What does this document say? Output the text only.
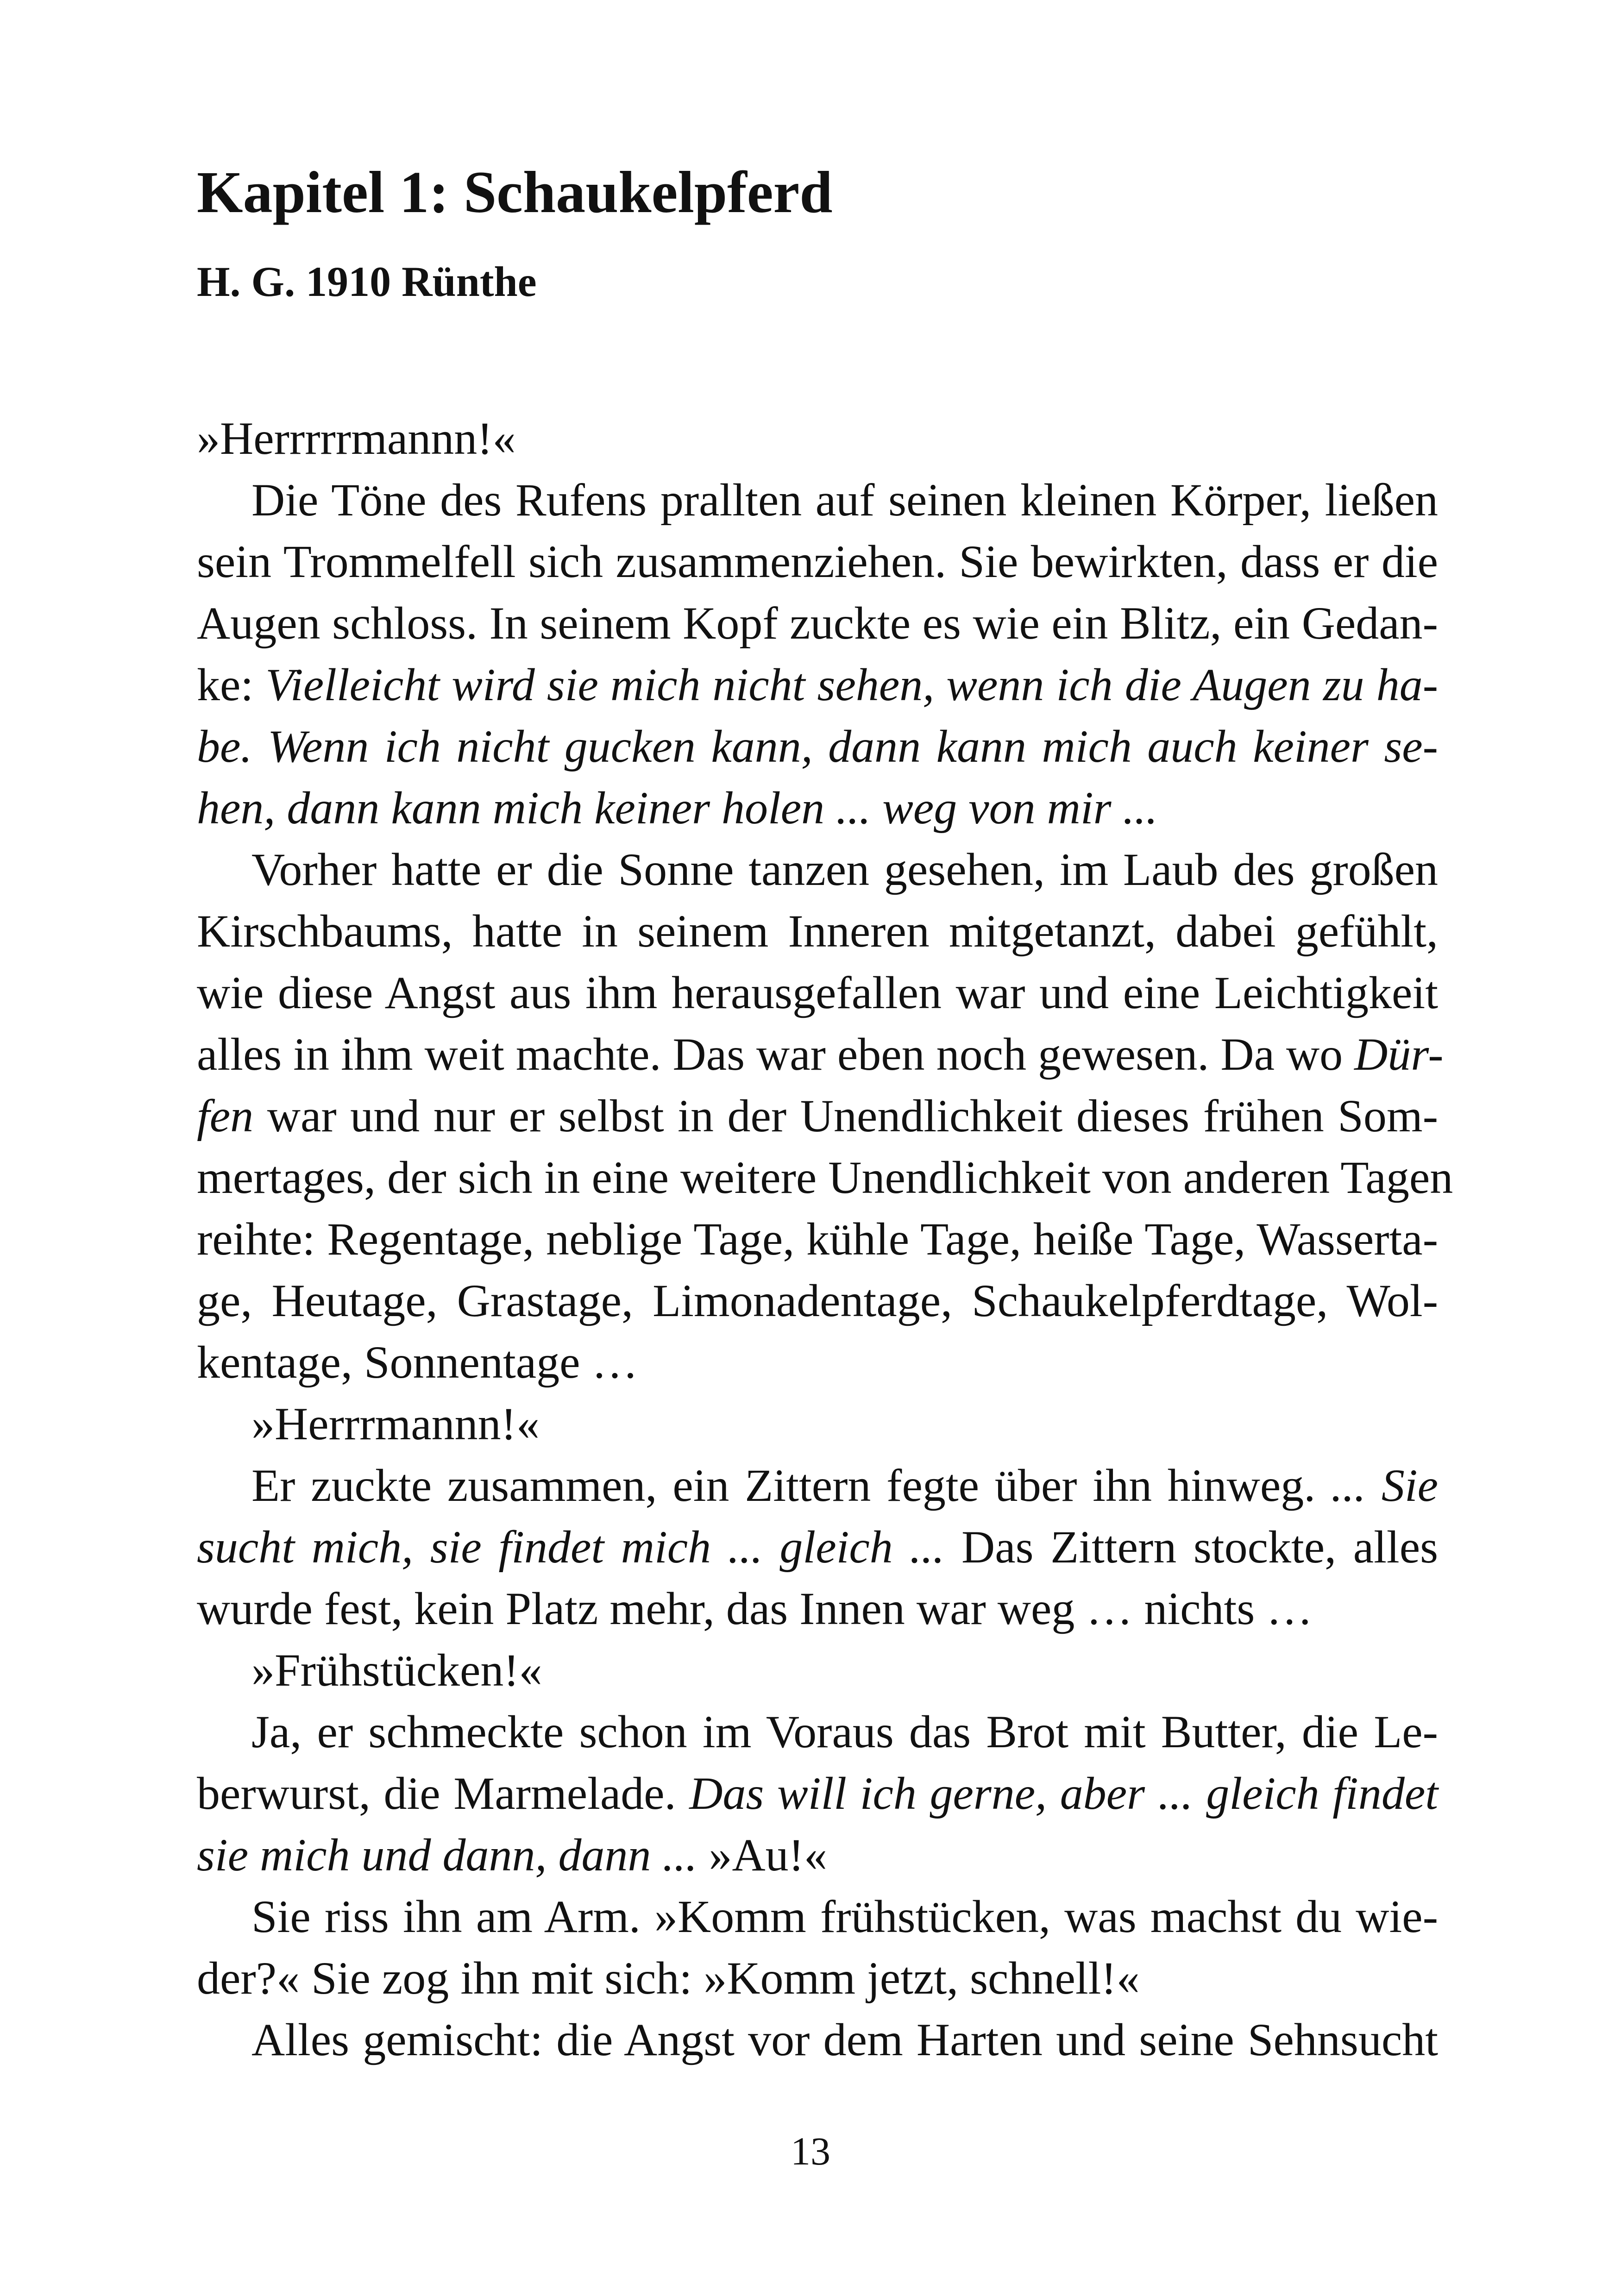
Kapitel 1: Schaukelpferd
H. G. 1910 Rünthe
»Herrrrrmannn!«
Die Töne des Rufens prallten auf seinen kleinen Körper, ließen
sein Trommelfell sich zusammenziehen. Sie bewirkten, dass er die
Augen schloss. In seinem Kopf zuckte es wie ein Blitz, ein Gedan-
ke: Vielleicht wird sie mich nicht sehen, wenn ich die Augen zu ha-
be. Wenn ich nicht gucken kann, dann kann mich auch keiner se-
hen, dann kann mich keiner holen ... weg von mir ...
Vorher hatte er die Sonne tanzen gesehen, im Laub des großen
Kirschbaums, hatte in seinem Inneren mitgetanzt, dabei gefühlt,
wie diese Angst aus ihm herausgefallen war und eine Leichtigkeit
alles in ihm weit machte. Das war eben noch gewesen. Da wo Dür-
fen war und nur er selbst in der Unendlichkeit dieses frühen Som-
mertages, der sich in eine weitere Unendlichkeit von anderen Tagen
reihte: Regentage, neblige Tage, kühle Tage, heiße Tage, Wasserta-
ge, Heutage, Grastage, Limonadentage, Schaukelpferdtage, Wol-
kentage, Sonnentage …
»Herrrmannn!«
Er zuckte zusammen, ein Zittern fegte über ihn hinweg. ... Sie
sucht mich, sie findet mich ... gleich ... Das Zittern stockte, alles
wurde fest, kein Platz mehr, das Innen war weg … nichts …
»Frühstücken!«
Ja, er schmeckte schon im Voraus das Brot mit Butter, die Le-
berwurst, die Marmelade. Das will ich gerne, aber ... gleich findet
sie mich und dann, dann ... »Au!«
Sie riss ihn am Arm. »Komm frühstücken, was machst du wie-
der?« Sie zog ihn mit sich: »Komm jetzt, schnell!«
Alles gemischt: die Angst vor dem Harten und seine Sehnsucht

13
